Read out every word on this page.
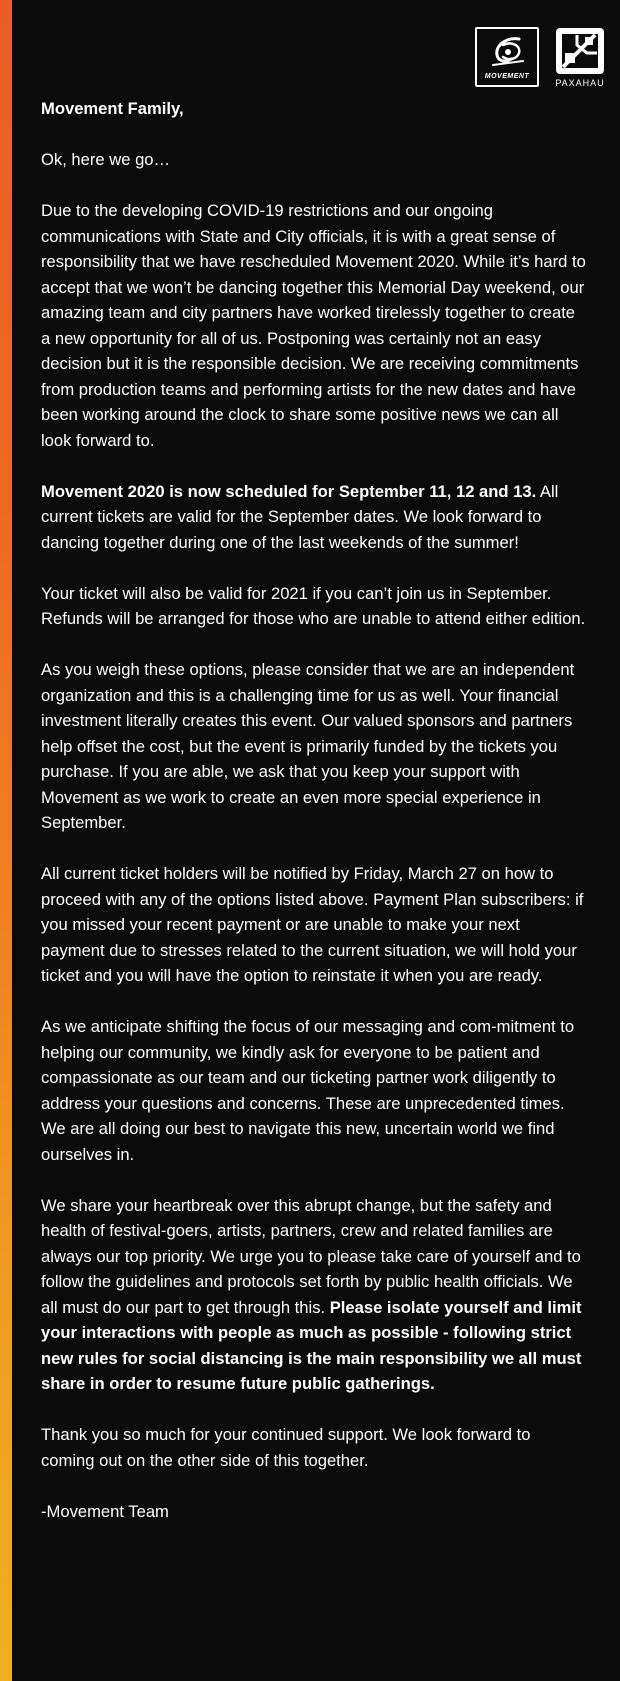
MOVEMENT
PAXAHAU

Movement Family,

Ok, here we go…

Due to the developing COVID-19 restrictions and our ongoing communications with State and City officials, it is with a great sense of responsibility that we have rescheduled Movement 2020. While it’s hard to accept that we won’t be dancing together this Memorial Day weekend, our amazing team and city partners have worked tirelessly together to create a new opportunity for all of us. Postponing was certainly not an easy decision but it is the responsible decision. We are receiving commitments from production teams and performing artists for the new dates and have been working around the clock to share some positive news we can all look forward to.

Movement 2020 is now scheduled for September 11, 12 and 13. All current tickets are valid for the September dates. We look forward to dancing together during one of the last weekends of the summer!

Your ticket will also be valid for 2021 if you can’t join us in September. Refunds will be arranged for those who are unable to attend either edition.

As you weigh these options, please consider that we are an independent organization and this is a challenging time for us as well. Your financial investment literally creates this event. Our valued sponsors and partners help offset the cost, but the event is primarily funded by the tickets you purchase. If you are able, we ask that you keep your support with Movement as we work to create an even more special experience in September.

All current ticket holders will be notified by Friday, March 27 on how to proceed with any of the options listed above. Payment Plan subscribers: if you missed your recent payment or are unable to make your next payment due to stresses related to the current situation, we will hold your ticket and you will have the option to reinstate it when you are ready.

As we anticipate shifting the focus of our messaging and com-mitment to helping our community, we kindly ask for everyone to be patient and compassionate as our team and our ticketing partner work diligently to address your questions and concerns. These are unprecedented times. We are all doing our best to navigate this new, uncertain world we find ourselves in.

We share your heartbreak over this abrupt change, but the safety and health of festival-goers, artists, partners, crew and related families are always our top priority. We urge you to please take care of yourself and to follow the guidelines and protocols set forth by public health officials. We all must do our part to get through this. Please isolate yourself and limit your interactions with people as much as possible - following strict new rules for social distancing is the main responsibility we all must share in order to resume future public gatherings.

Thank you so much for your continued support. We look forward to coming out on the other side of this together.

-Movement Team
